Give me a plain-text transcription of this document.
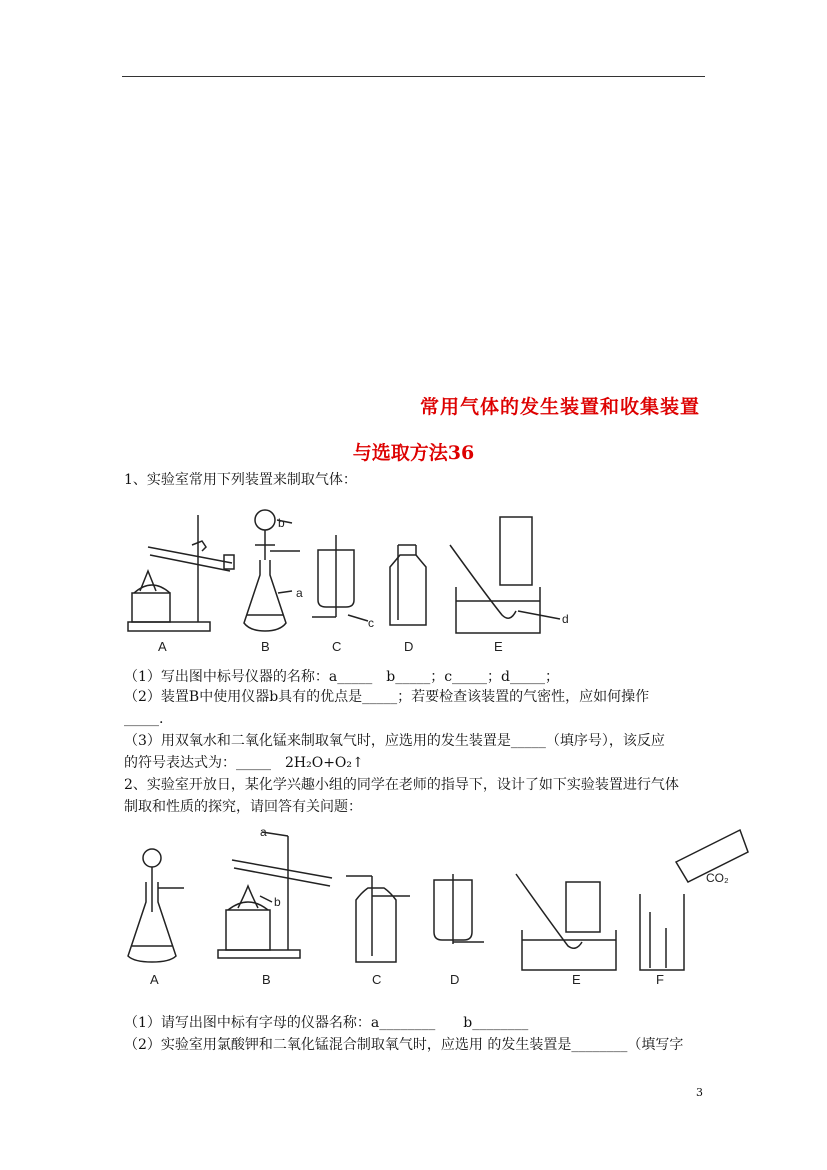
常用气体的发生装置和收集装置
与选取方法36
1、实验室常用下列装置来制取气体：
b
a
c	d
A	B	C	D	E
（1）写出图中标号仪器的名称：a_____　b_____；c_____；d_____；
（2）装置B中使用仪器b具有的优点是_____；若要检查该装置的气密性，应如何操作
_____.
（3）用双氧水和二氧化锰来制取氧气时，应选用的发生装置是_____（填序号），该反应
的符号表达式为：_____　2H₂O+O₂↑
2、实验室开放日，某化学兴趣小组的同学在老师的指导下，设计了如下实验装置进行气体
制取和性质的探究，请回答有关问题：
a
b
CO₂
A	B	C	D	E	F
（1）请写出图中标有字母的仪器名称：a________　　b________
（2）实验室用氯酸钾和二氧化锰混合制取氧气时，应选用 的发生装置是________（填写字
3
